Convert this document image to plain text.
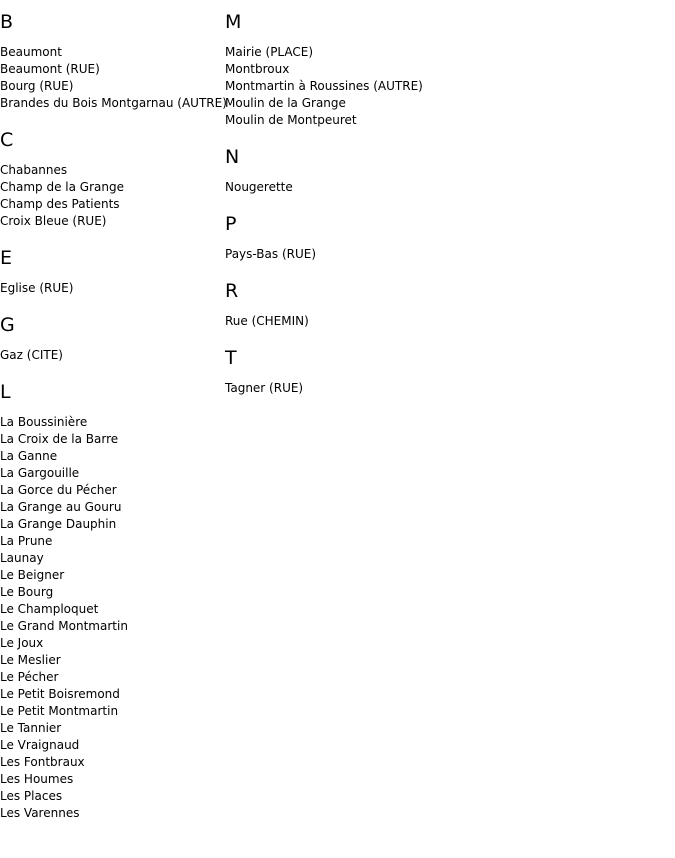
B
Beaumont
Beaumont (RUE)
Bourg (RUE)
Brandes du Bois Montgarnau (AUTRE)
C
Chabannes
Champ de la Grange
Champ des Patients
Croix Bleue (RUE)
E
Eglise (RUE)
G
Gaz (CITE)
L
La Boussinière
La Croix de la Barre
La Ganne
La Gargouille
La Gorce du Pécher
La Grange au Gouru
La Grange Dauphin
La Prune
Launay
Le Beigner
Le Bourg
Le Champloquet
Le Grand Montmartin
Le Joux
Le Meslier
Le Pécher
Le Petit Boisremond
Le Petit Montmartin
Le Tannier
Le Vraignaud
Les Fontbraux
Les Houmes
Les Places
Les Varennes
M
Mairie (PLACE)
Montbroux
Montmartin à Roussines (AUTRE)
Moulin de la Grange
Moulin de Montpeuret
N
Nougerette
P
Pays-Bas (RUE)
R
Rue (CHEMIN)
T
Tagner (RUE)
